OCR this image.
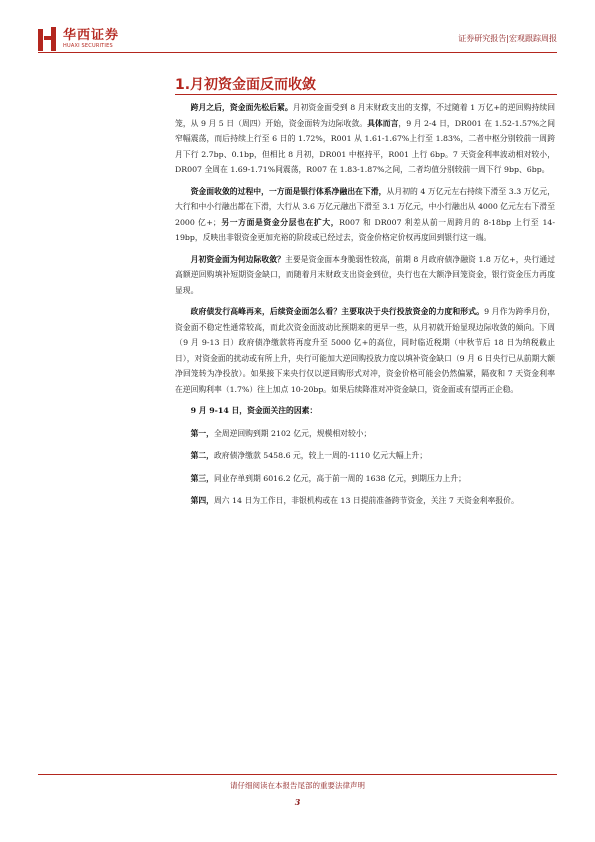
华西证券
HUAXI SECURITIES
证券研究报告|宏观跟踪周报
1.月初资金面反而收敛

跨月之后，资金面先松后紧。月初资金面受到 8 月末财政支出的支撑，不过随着 1 万亿+的逆回购持续回笼，从 9 月 5 日（周四）开始，资金面转为边际收敛。具体而言，9 月 2-4 日，DR001 在 1.52-1.57%之间窄幅震荡，而后持续上行至 6 日的 1.72%，R001 从 1.61-1.67%上行至 1.83%，二者中枢分别较前一周跨月下行 2.7bp、0.1bp，但相比 8 月初，DR001 中枢持平，R001 上行 6bp。7 天资金利率波动相对较小，DR007 全周在 1.69-1.71%间震荡，R007 在 1.83-1.87%之间，二者均值分别较前一周下行 9bp、6bp。

资金面收敛的过程中，一方面是银行体系净融出在下滑，从月初的 4 万亿元左右持续下滑至 3.3 万亿元，大行和中小行融出都在下滑，大行从 3.6 万亿元融出下滑至 3.1 万亿元，中小行融出从 4000 亿元左右下滑至 2000 亿+；另一方面是资金分层也在扩大，R007 和 DR007 利差从前一周跨月的 8-18bp 上行至 14-19bp，反映出非银资金更加充裕的阶段或已经过去，资金价格定价权再度回到银行这一端。

月初资金面为何边际收敛？主要是资金面本身脆弱性较高，前期 8 月政府债净融资 1.8 万亿+，央行通过高额逆回购填补短期资金缺口，而随着月末财政支出资金到位，央行也在大额净回笼资金，银行资金压力再度显现。

政府债发行高峰再来，后续资金面怎么看？主要取决于央行投放资金的力度和形式。9 月作为跨季月份，资金面不稳定性通常较高，而此次资金面波动比预期来的更早一些，从月初就开始显现边际收敛的倾向。下周（9 月 9-13 日）政府债净缴款将再度升至 5000 亿+的高位，同时临近税期（中秋节后 18 日为纳税截止日），对资金面的扰动或有所上升，央行可能加大逆回购投放力度以填补资金缺口（9 月 6 日央行已从前期大额净回笼转为净投放）。如果接下来央行仅以逆回购形式对冲，资金价格可能会仍然偏紧，隔夜和 7 天资金利率在逆回购利率（1.7%）往上加点 10-20bp。如果后续降准对冲资金缺口，资金面或有望再正企稳。

9 月 9-14 日，资金面关注的因素：

第一，全周逆回购到期 2102 亿元，规模相对较小；

第二，政府债净缴款 5458.6 元，较上一周的-1110 亿元大幅上升；

第三，同业存单到期 6016.2 亿元，高于前一周的 1638 亿元，到期压力上升；

第四，周六 14 日为工作日，非银机构或在 13 日提前准备跨节资金，关注 7 天资金利率报价。

请仔细阅读在本报告尾部的重要法律声明
3
